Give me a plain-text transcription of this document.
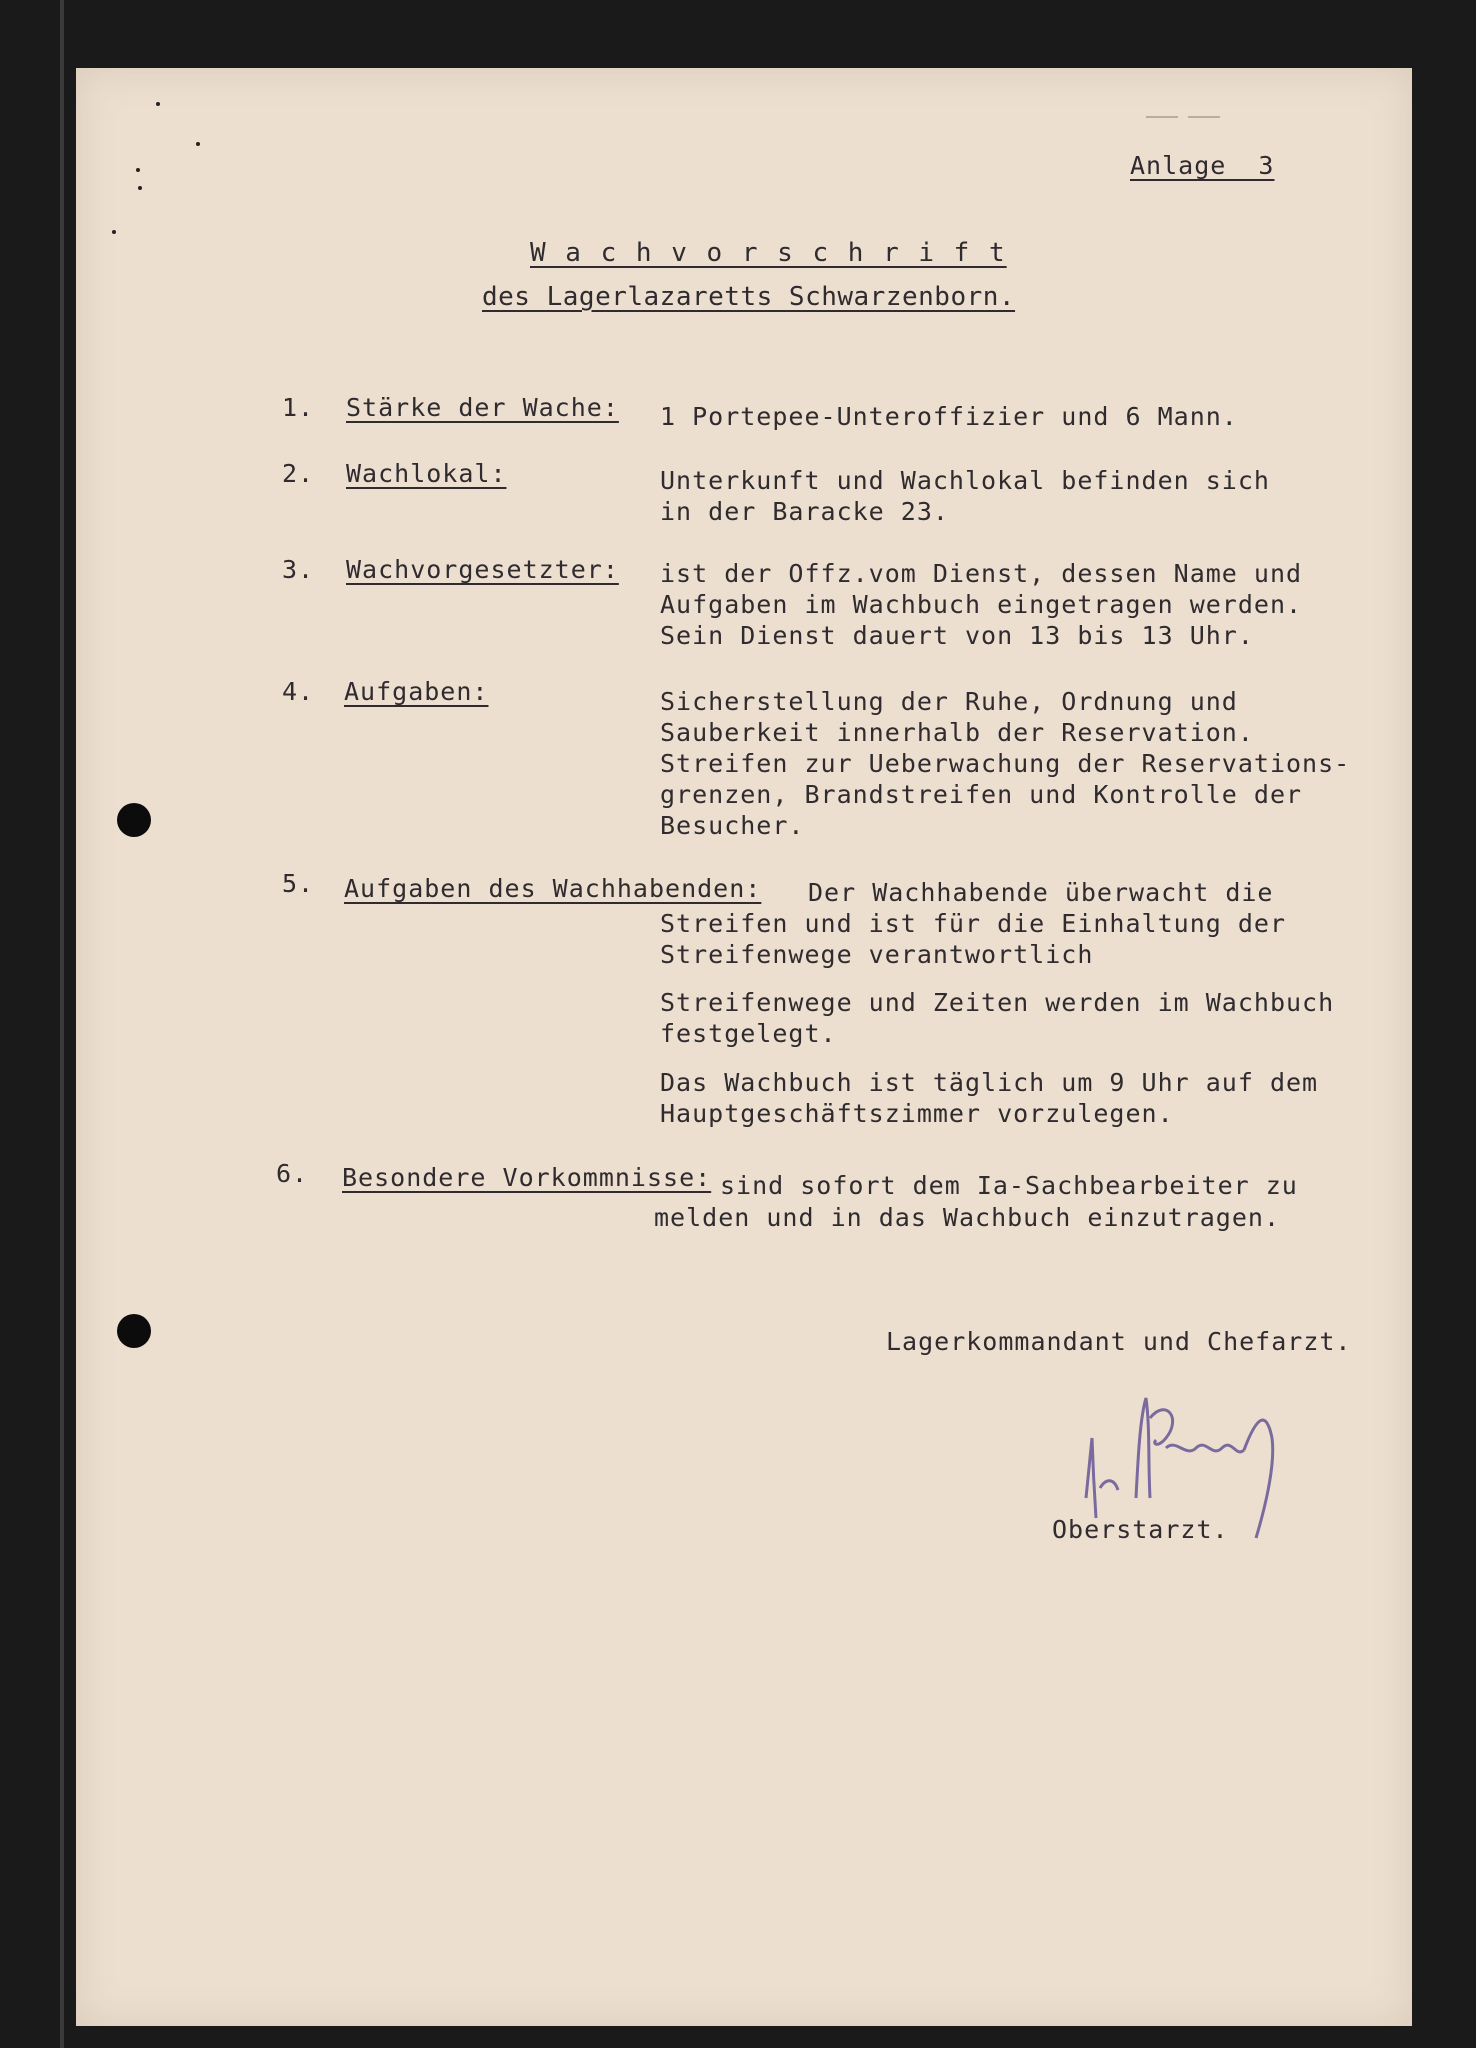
Anlage  3
W a c h v o r s c h r i f t
des Lagerlazaretts Schwarzenborn.
1. Stärke der Wache: 1 Portepee-Unteroffizier und 6 Mann.
2. Wachlokal:	Unterkunft und Wachlokal befinden sich
in der Baracke 23.
3. Wachvorgesetzter: ist der Offz.vom Dienst, dessen Name und
Aufgaben im Wachbuch eingetragen werden.
Sein Dienst dauert von 13 bis 13 Uhr.
4. Aufgaben:	Sicherstellung der Ruhe, Ordnung und
Sauberkeit innerhalb der Reservation.
Streifen zur Ueberwachung der Reservations-
grenzen, Brandstreifen und Kontrolle der
Besucher.
5. Aufgaben des Wachhabenden: Der Wachhabende überwacht die
Streifen und ist für die Einhaltung der
Streifenwege verantwortlich
Streifenwege und Zeiten werden im Wachbuch
festgelegt.
Das Wachbuch ist täglich um 9 Uhr auf dem
Hauptgeschäftszimmer vorzulegen.
6. Besondere Vorkommnisse: sind sofort dem Ia-Sachbearbeiter zu
melden und in das Wachbuch einzutragen.
Lagerkommandant und Chefarzt.
Oberstarzt.
